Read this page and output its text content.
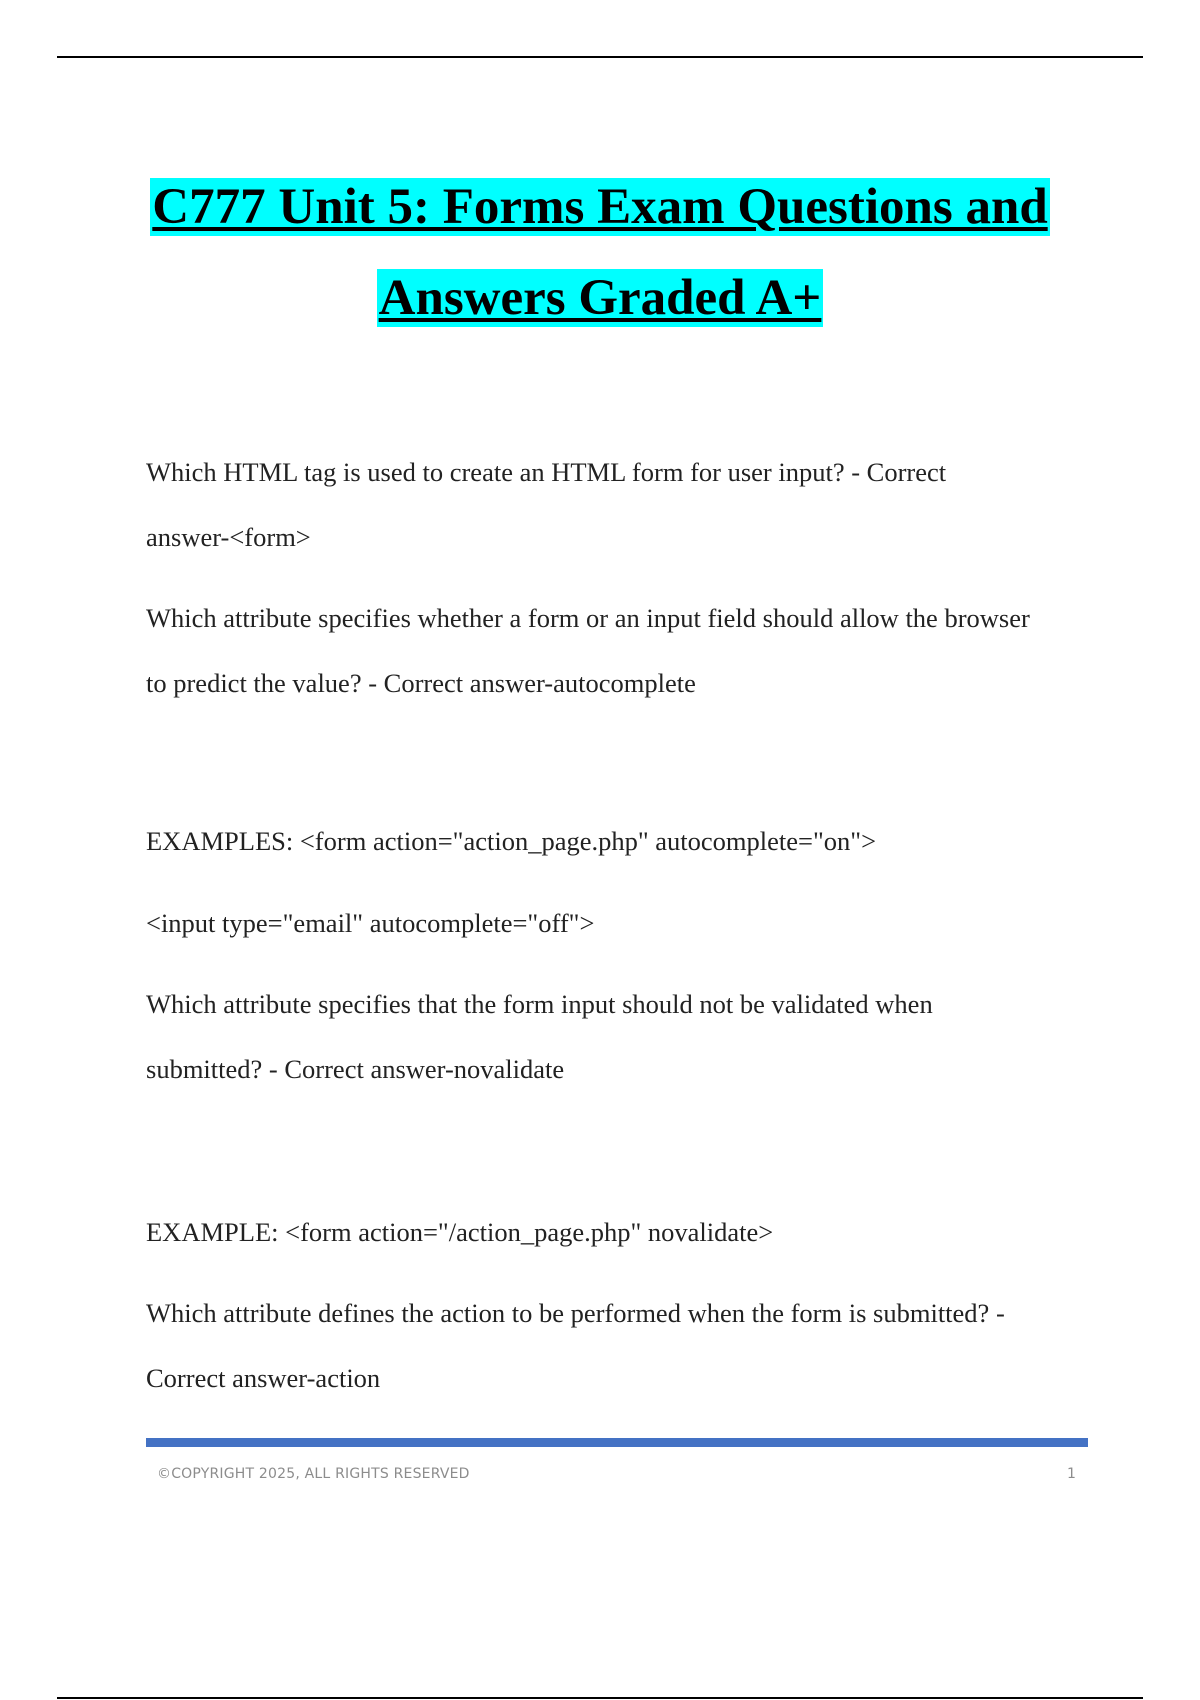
C777 Unit 5: Forms Exam Questions and
Answers Graded A+
Which HTML tag is used to create an HTML form for user input? - Correct
answer-<form>
Which attribute specifies whether a form or an input field should allow the browser
to predict the value? - Correct answer-autocomplete
EXAMPLES: <form action="action_page.php" autocomplete="on">
<input type="email" autocomplete="off">
Which attribute specifies that the form input should not be validated when
submitted? - Correct answer-novalidate
EXAMPLE: <form action="/action_page.php" novalidate>
Which attribute defines the action to be performed when the form is submitted? -
Correct answer-action
©COPYRIGHT 2025, ALL RIGHTS RESERVED	1
